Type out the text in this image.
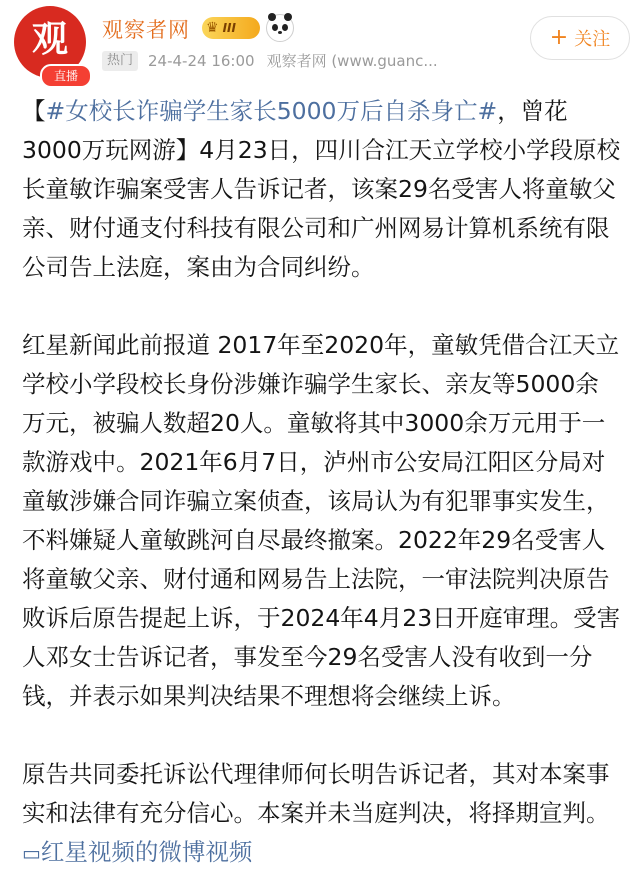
观
直播
观察者网 ♛ III
热门	24-4-24 16:00 观察者网 (www.guanc...
+ 关注

【#女校长诈骗学生家长5000万后自杀身亡#，曾花3000万玩网游】4月23日，四川合江天立学校小学段原校长童敏诈骗案受害人告诉记者，该案29名受害人将童敏父亲、财付通支付科技有限公司和广州网易计算机系统有限公司告上法庭，案由为合同纠纷。

红星新闻此前报道 2017年至2020年，童敏凭借合江天立学校小学段校长身份涉嫌诈骗学生家长、亲友等5000余万元，被骗人数超20人。童敏将其中3000余万元用于一款游戏中。2021年6月7日，泸州市公安局江阳区分局对童敏涉嫌合同诈骗立案侦查，该局认为有犯罪事实发生，不料嫌疑人童敏跳河自尽最终撤案。2022年29名受害人将童敏父亲、财付通和网易告上法院，一审法院判决原告败诉后原告提起上诉，于2024年4月23日开庭审理。受害人邓女士告诉记者，事发至今29名受害人没有收到一分钱，并表示如果判决结果不理想将会继续上诉。

原告共同委托诉讼代理律师何长明告诉记者，其对本案事实和法律有充分信心。本案并未当庭判决，将择期宣判。 ▭红星视频的微博视频
